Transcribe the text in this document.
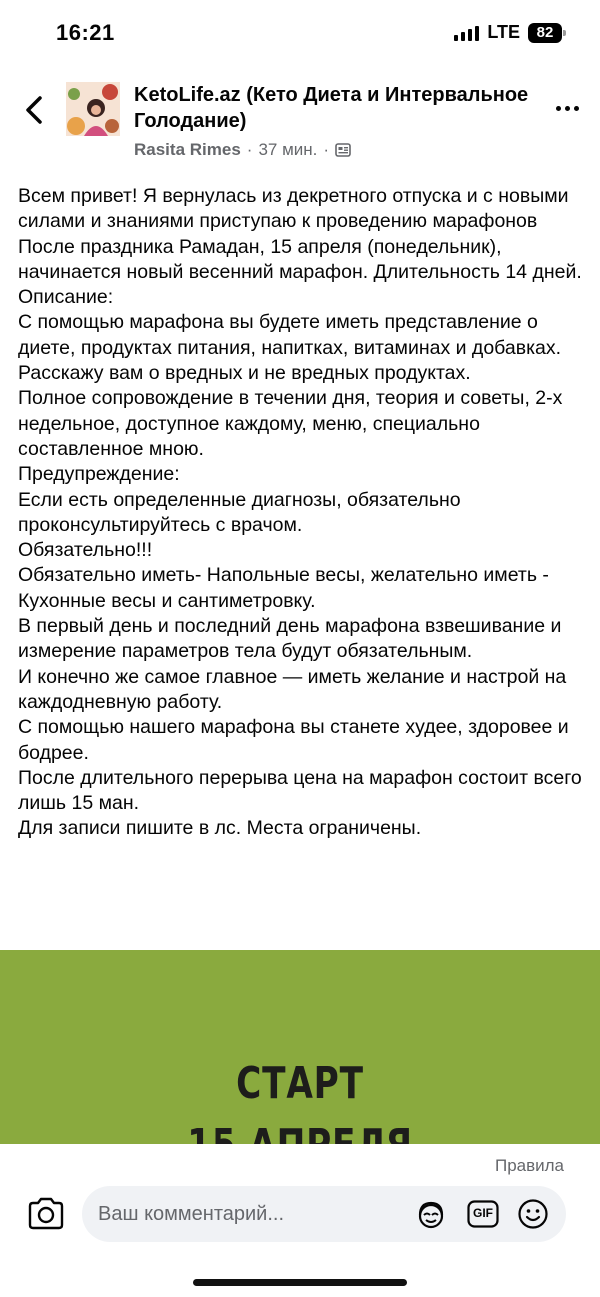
16:21	LTE	82
KetoLife.az (Кето Диета и Интервальное Голодание)
Rasita Rimes · 37 мин. ·

Всем привет! Я вернулась из декретного отпуска и с новыми силами и знаниями приступаю к проведению марафонов

После праздника Рамадан, 15 апреля (понедельник), начинается новый весенний марафон. Длительность 14 дней.

Описание:

С помощью марафона вы будете иметь представление о диете, продуктах питания, напитках, витаминах и добавках. Расскажу вам о вредных и не вредных продуктах.

Полное сопровождение в течении дня, теория и советы, 2-х недельное, доступное каждому, меню, специально составленное мною.

Предупреждение:

Если есть определенные диагнозы, обязательно проконсультируйтесь с врачом.

Обязательно!!!

Обязательно иметь- Напольные весы, желательно иметь - Кухонные весы и сантиметровку.

В первый день и последний день марафона взвешивание и измерение параметров тела будут обязательным.

И конечно же самое главное — иметь желание и настрой на каждодневную работу.

С помощью нашего марафона вы станете худее, здоровее и бодрее.

После длительного перерыва цена на марафон состоит всего лишь 15 ман.

Для записи пишите в лс. Места ограничены.

СТАРТ
Правила
Ваш комментарий...	GIF
